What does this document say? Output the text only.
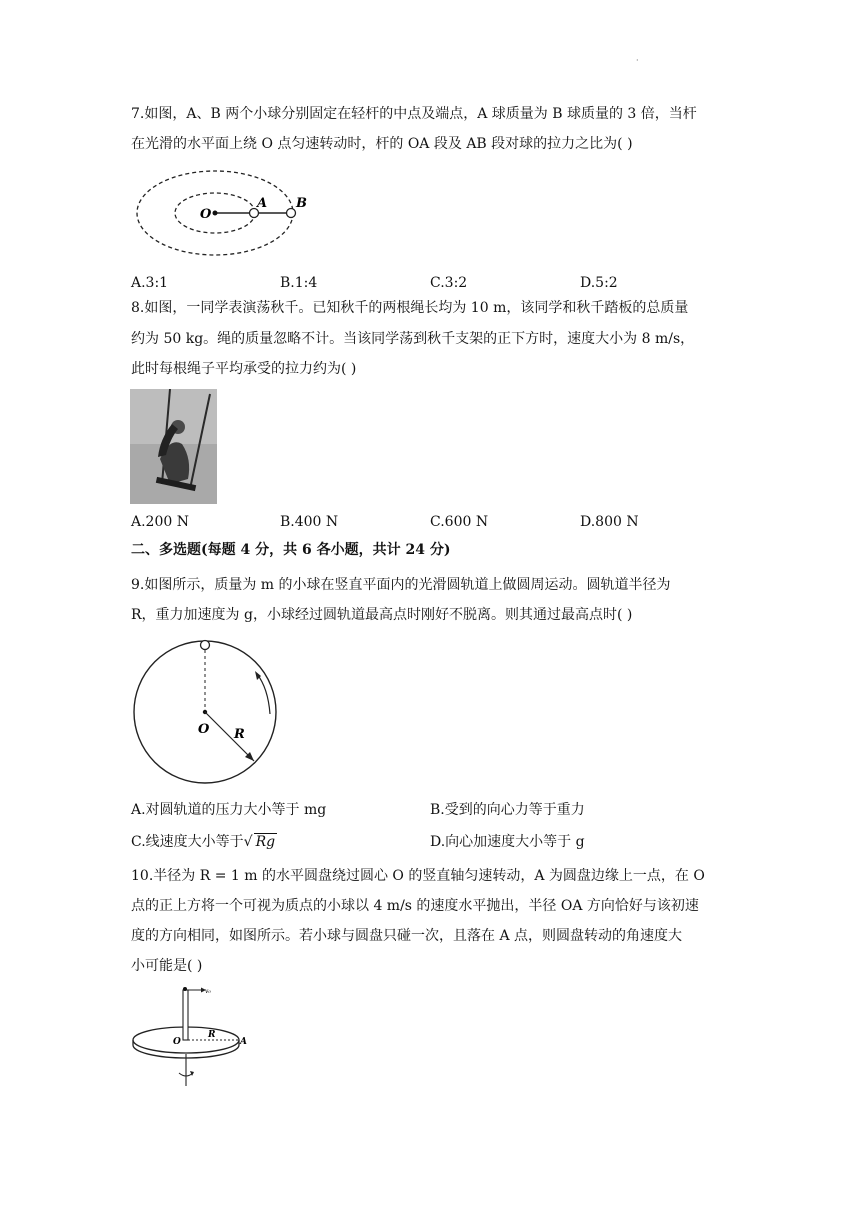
·
7.如图，A、B 两个小球分别固定在轻杆的中点及端点，A 球质量为 B 球质量的 3 倍，当杆
在光滑的水平面上绕 O 点匀速转动时，杆的 OA 段及 AB 段对球的拉力之比为( )
O
A B
A.3:1	B.1:4	C.3:2	D.5:2
8.如图，一同学表演荡秋千。已知秋千的两根绳长均为 10 m，该同学和秋千踏板的总质量
约为 50 kg。绳的质量忽略不计。当该同学荡到秋千支架的正下方时，速度大小为 8 m/s，
此时每根绳子平均承受的拉力约为( )
A.200 N	B.400 N	C.600 N	D.800 N
二、多选题(每题 4 分，共 6 各小题，共计 24 分)
9.如图所示，质量为 m 的小球在竖直平面内的光滑圆轨道上做圆周运动。圆轨道半径为
R，重力加速度为 g，小球经过圆轨道最高点时刚好不脱离。则其通过最高点时( )
O R
A.对圆轨道的压力大小等于 mg	B.受到的向心力等于重力
C.线速度大小等于√ Rg	D.向心加速度大小等于 g
10.半径为 R = 1 m 的水平圆盘绕过圆心 O 的竖直轴匀速转动，A 为圆盘边缘上一点，在 O
点的正上方将一个可视为质点的小球以 4 m/s 的速度水平抛出，半径 OA 方向恰好与该初速
度的方向相同，如图所示。若小球与圆盘只碰一次，且落在 A 点，则圆盘转动的角速度大
小可能是( )
O
R
A
v₀
